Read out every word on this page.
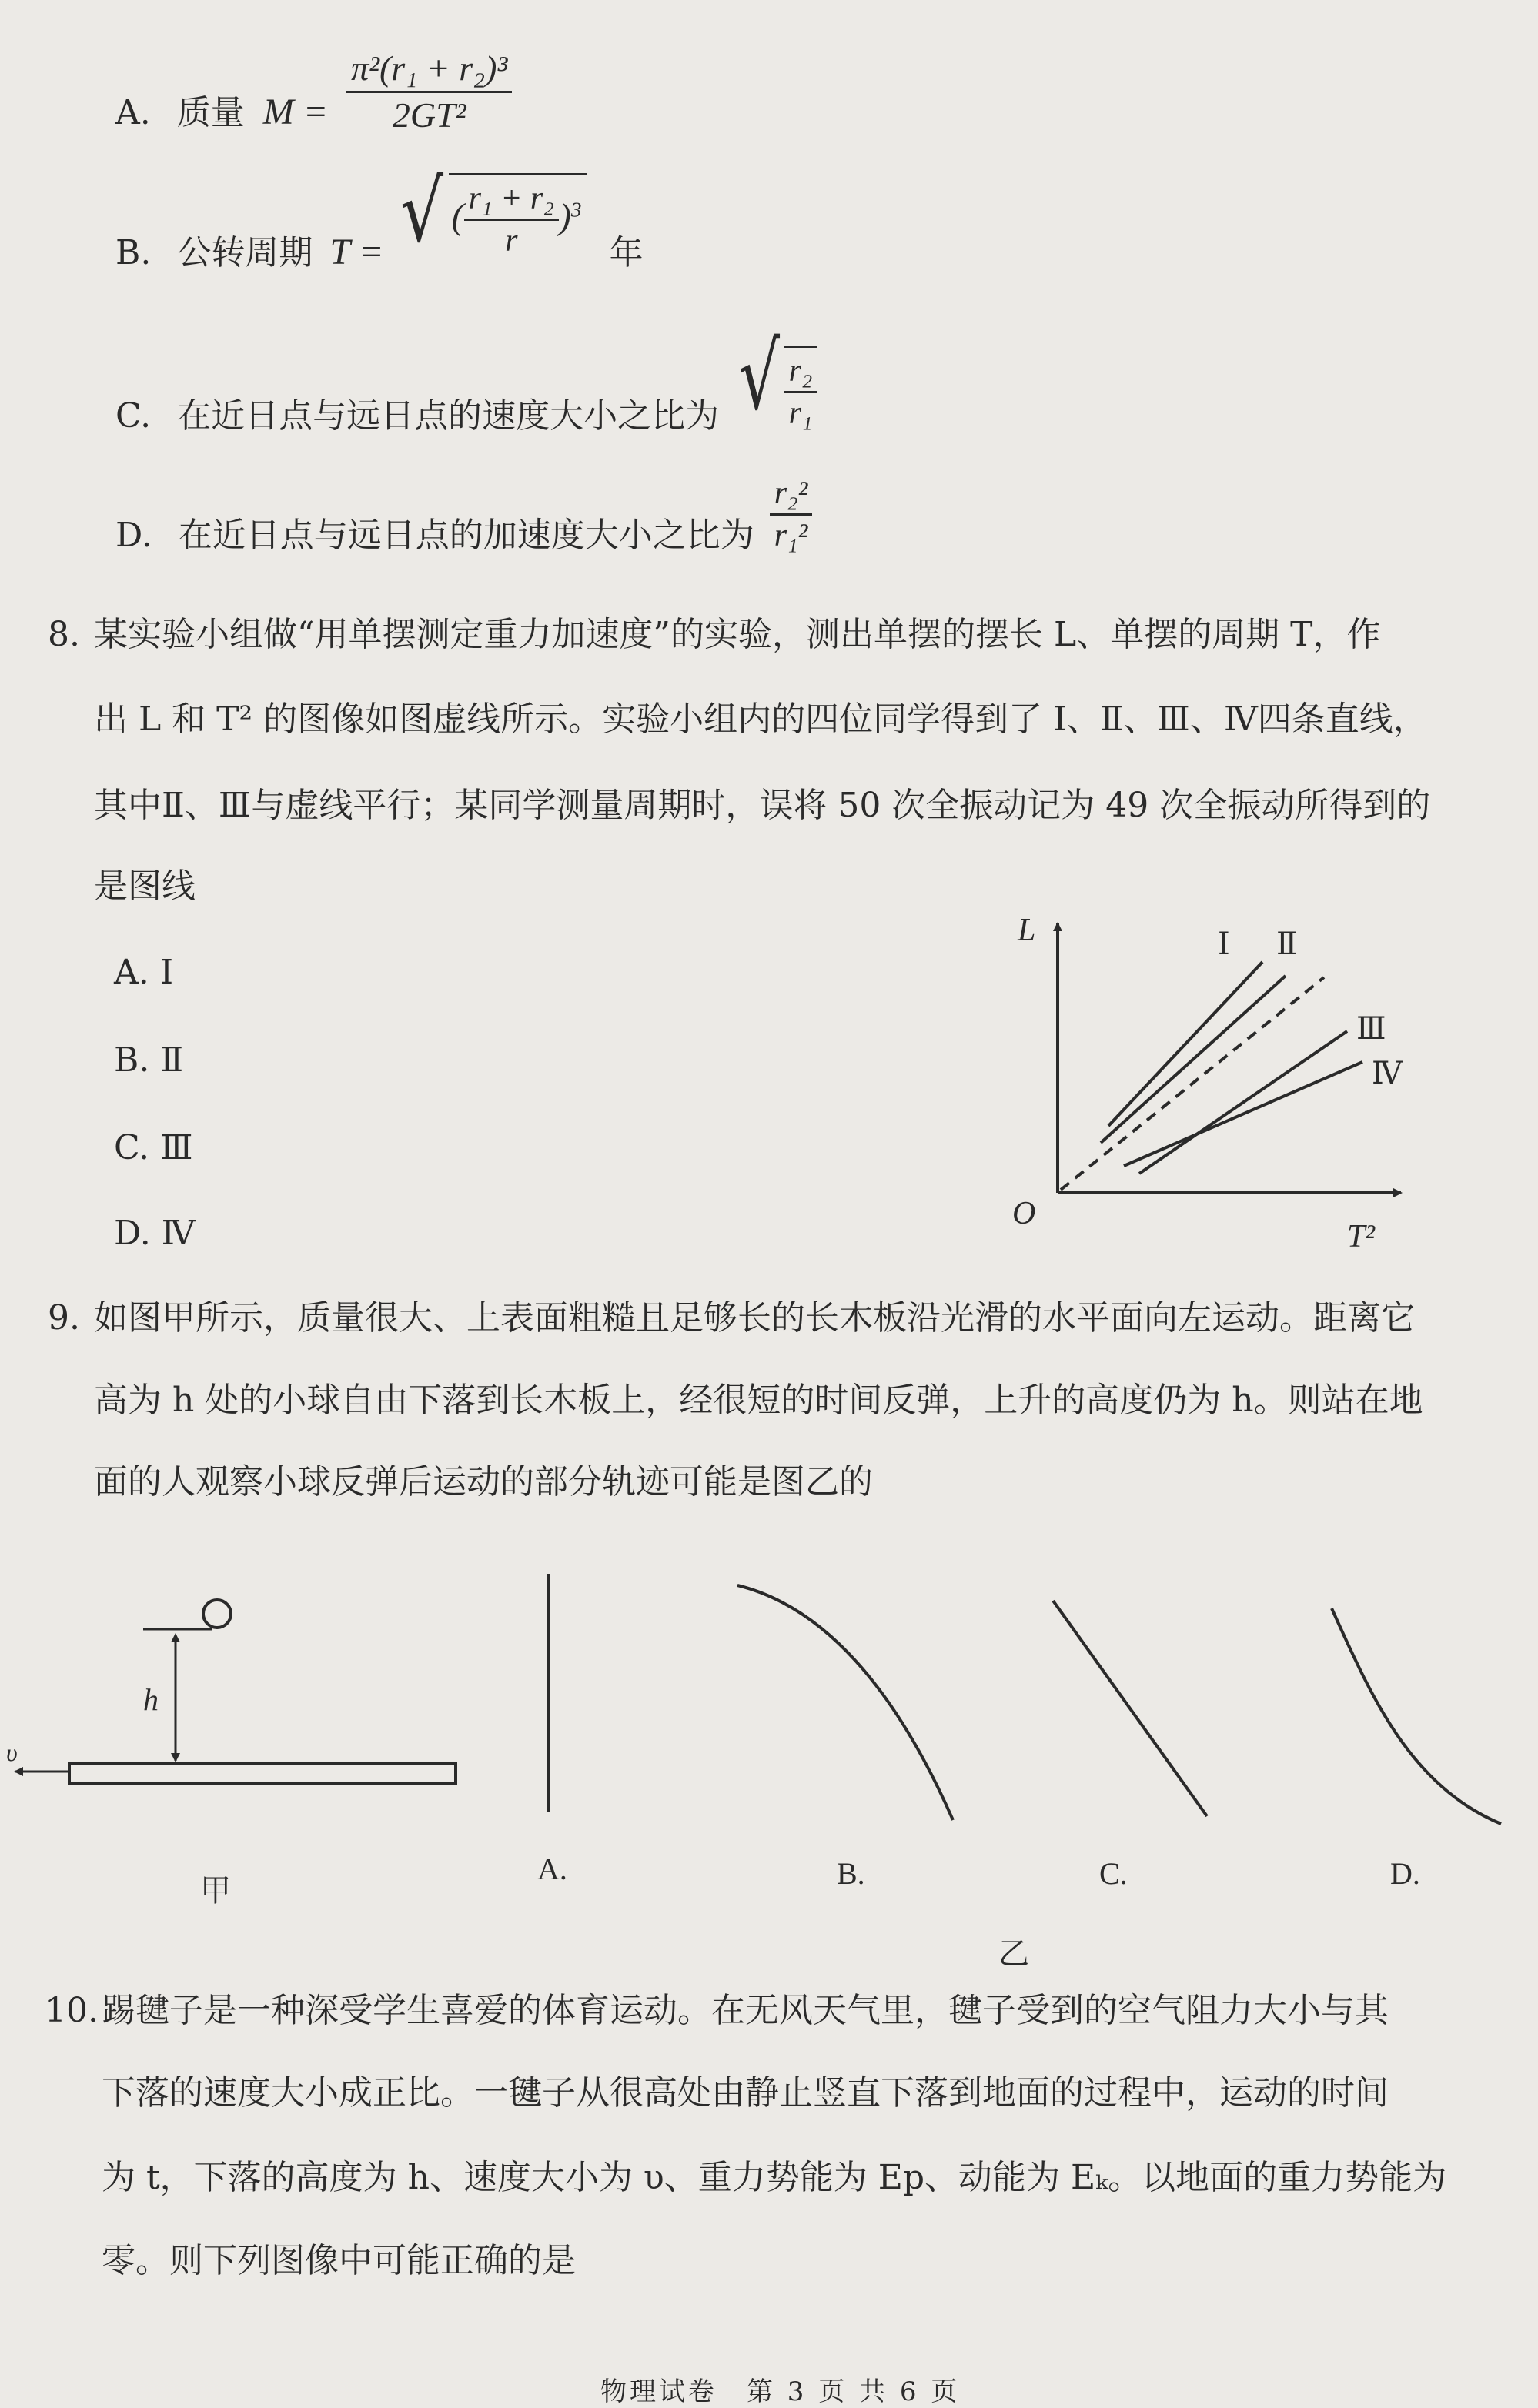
A. 质量 $M = \frac{\text{π²(r₁ + r₂)³}}{\text{2GT²}}$
B. 公转周期 T = √ ( $\frac{\text{r₁ + r₂}}{r} )^3$ 年
C. 在近日点与远日点的速度大小之比为 √ $\frac{\text{r₂}}{\text{r₁}}$
D. 在近日点与远日点的加速度大小之比为 $\frac{\text{r₂²}}{\text{r₁²}}$
8. 某实验小组做“用单摆测定重力加速度”的实验，测出单摆的摆长 L、单摆的周期 T，作
出 L 和 T² 的图像如图虚线所示。实验小组内的四位同学得到了 Ⅰ、Ⅱ、Ⅲ、Ⅳ四条直线，
其中Ⅱ、Ⅲ与虚线平行；某同学测量周期时，误将 50 次全振动记为 49 次全振动所得到的
是图线
A. Ⅰ
B. Ⅱ
C. Ⅲ
D. Ⅳ
L
T²
O
Ⅰ Ⅱ
Ⅲ
Ⅳ
9. 如图甲所示，质量很大、上表面粗糙且足够长的长木板沿光滑的水平面向左运动。距离它
高为 h 处的小球自由下落到长木板上，经很短的时间反弹，上升的高度仍为 h。则站在地
面的人观察小球反弹后运动的部分轨迹可能是图乙的
h
υ
甲
A.	B.	C.	D.
乙
10. 踢毽子是一种深受学生喜爱的体育运动。在无风天气里，毽子受到的空气阻力大小与其
下落的速度大小成正比。一毽子从很高处由静止竖直下落到地面的过程中，运动的时间
为 t，下落的高度为 h、速度大小为 υ、重力势能为 Ep、动能为 Eₖ。以地面的重力势能为
零。则下列图像中可能正确的是
物理试卷　第 3 页 共 6 页
